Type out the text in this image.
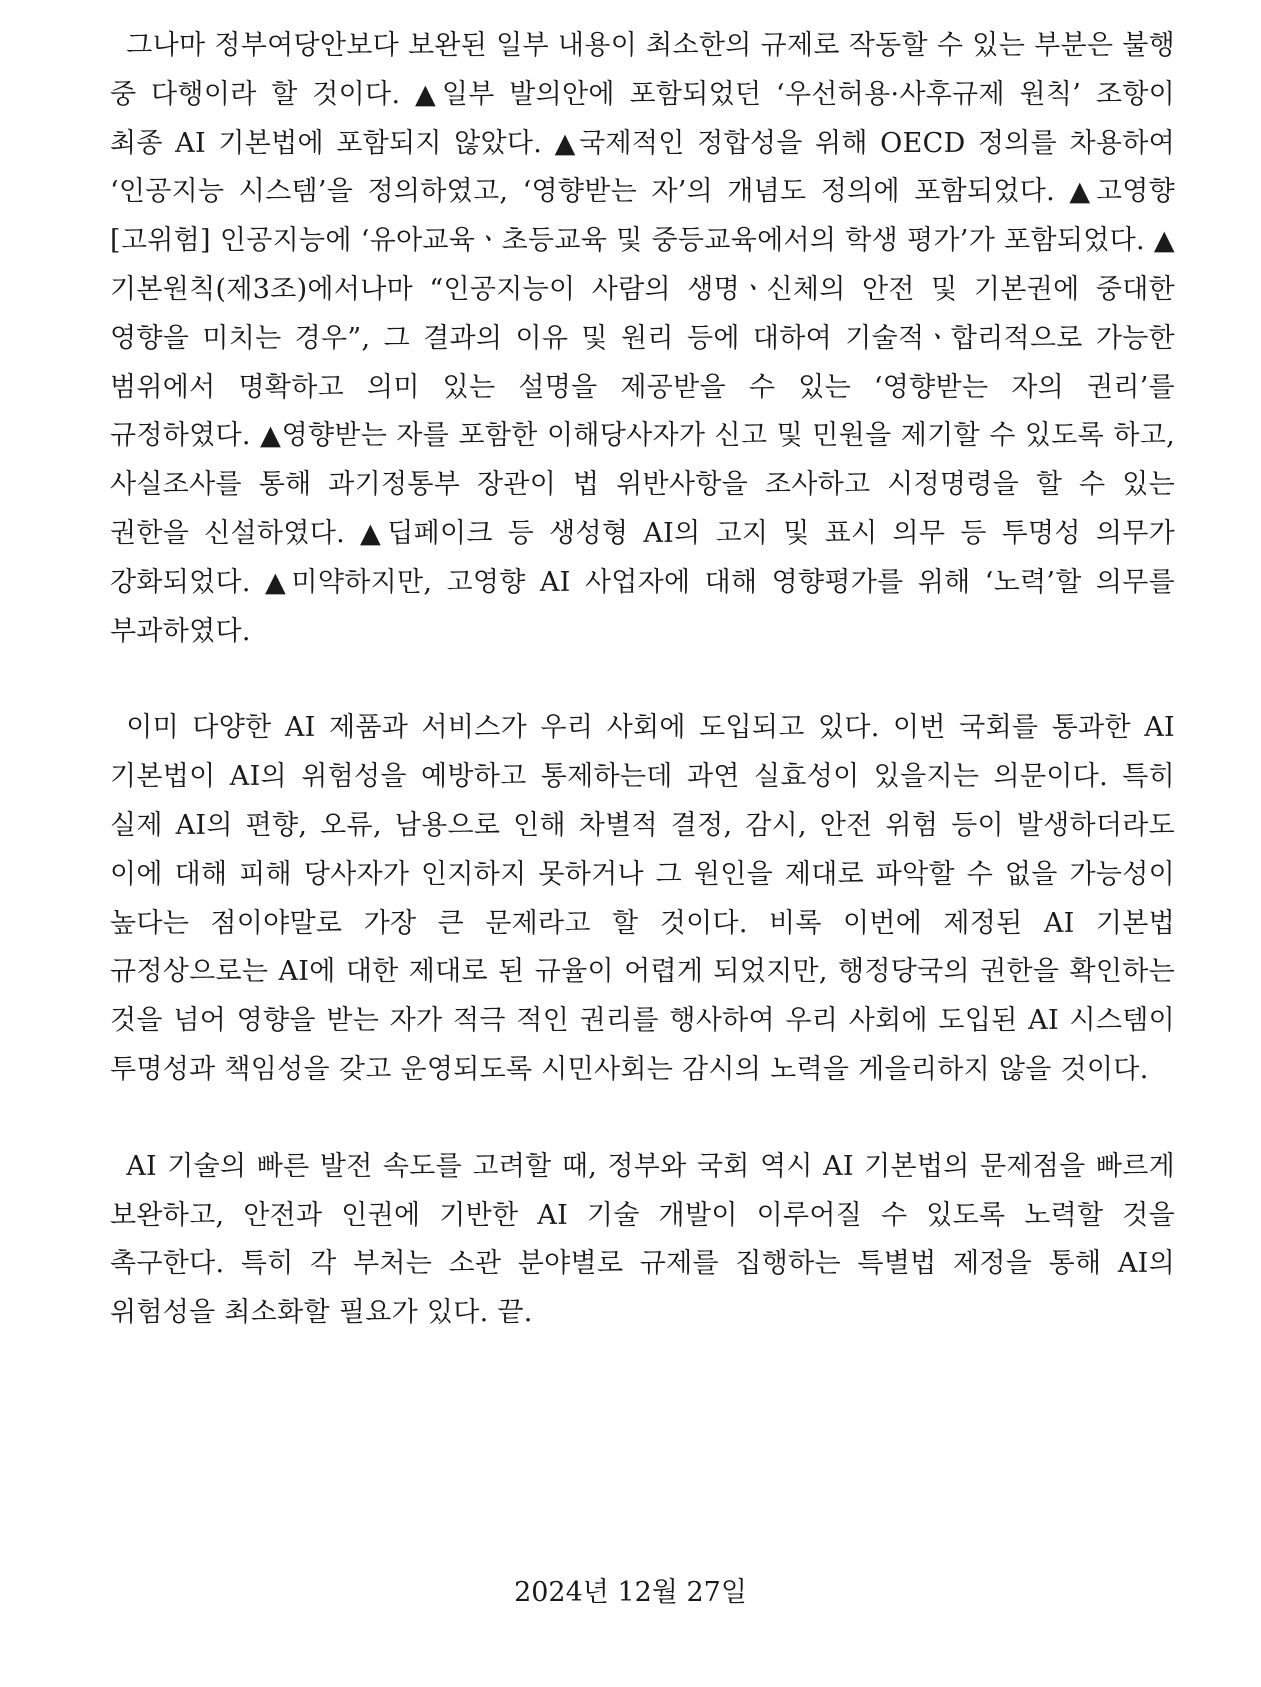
그나마 정부여당안보다 보완된 일부 내용이 최소한의 규제로 작동할 수 있는 부분은 불행 중 다행이라 할 것이다. ▲일부 발의안에 포함되었던 ‘우선허용·사후규제 원칙’ 조항이 최종 AI 기본법에 포함되지 않았다. ▲국제적인 정합성을 위해 OECD 정의를 차용하여 ‘인공지능 시스템’을 정의하였고, ‘영향받는 자’의 개념도 정의에 포함되었다. ▲고영향[고위험] 인공지능에 ‘유아교육ㆍ초등교육 및 중등교육에서의 학생 평가’가 포함되었다. ▲기본원칙(제3조)에서나마 “인공지능이 사람의 생명ㆍ신체의 안전 및 기본권에 중대한 영향을 미치는 경우”, 그 결과의 이유 및 원리 등에 대하여 기술적ㆍ합리적으로 가능한 범위에서 명확하고 의미 있는 설명을 제공받을 수 있는 ‘영향받는 자의 권리’를 규정하였다. ▲영향받는 자를 포함한 이해당사자가 신고 및 민원을 제기할 수 있도록 하고, 사실조사를 통해 과기정통부 장관이 법 위반사항을 조사하고 시정명령을 할 수 있는 권한을 신설하였다. ▲딥페이크 등 생성형 AI의 고지 및 표시 의무 등 투명성 의무가 강화되었다. ▲미약하지만, 고영향 AI 사업자에 대해 영향평가를 위해 ‘노력’할 의무를 부과하였다.

이미 다양한 AI 제품과 서비스가 우리 사회에 도입되고 있다. 이번 국회를 통과한 AI 기본법이 AI의 위험성을 예방하고 통제하는데 과연 실효성이 있을지는 의문이다. 특히 실제 AI의 편향, 오류, 남용으로 인해 차별적 결정, 감시, 안전 위험 등이 발생하더라도 이에 대해 피해 당사자가 인지하지 못하거나 그 원인을 제대로 파악할 수 없을 가능성이 높다는 점이야말로 가장 큰 문제라고 할 것이다. 비록 이번에 제정된 AI 기본법 규정상으로는 AI에 대한 제대로 된 규율이 어렵게 되었지만, 행정당국의 권한을 확인하는 것을 넘어 영향을 받는 자가 적극 적인 권리를 행사하여 우리 사회에 도입된 AI 시스템이 투명성과 책임성을 갖고 운영되도록 시민사회는 감시의 노력을 게을리하지 않을 것이다.

AI 기술의 빠른 발전 속도를 고려할 때, 정부와 국회 역시 AI 기본법의 문제점을 빠르게 보완하고, 안전과 인권에 기반한 AI 기술 개발이 이루어질 수 있도록 노력할 것을 촉구한다. 특히 각 부처는 소관 분야별로 규제를 집행하는 특별법 제정을 통해 AI의 위험성을 최소화할 필요가 있다. 끝.

2024년 12월 27일
